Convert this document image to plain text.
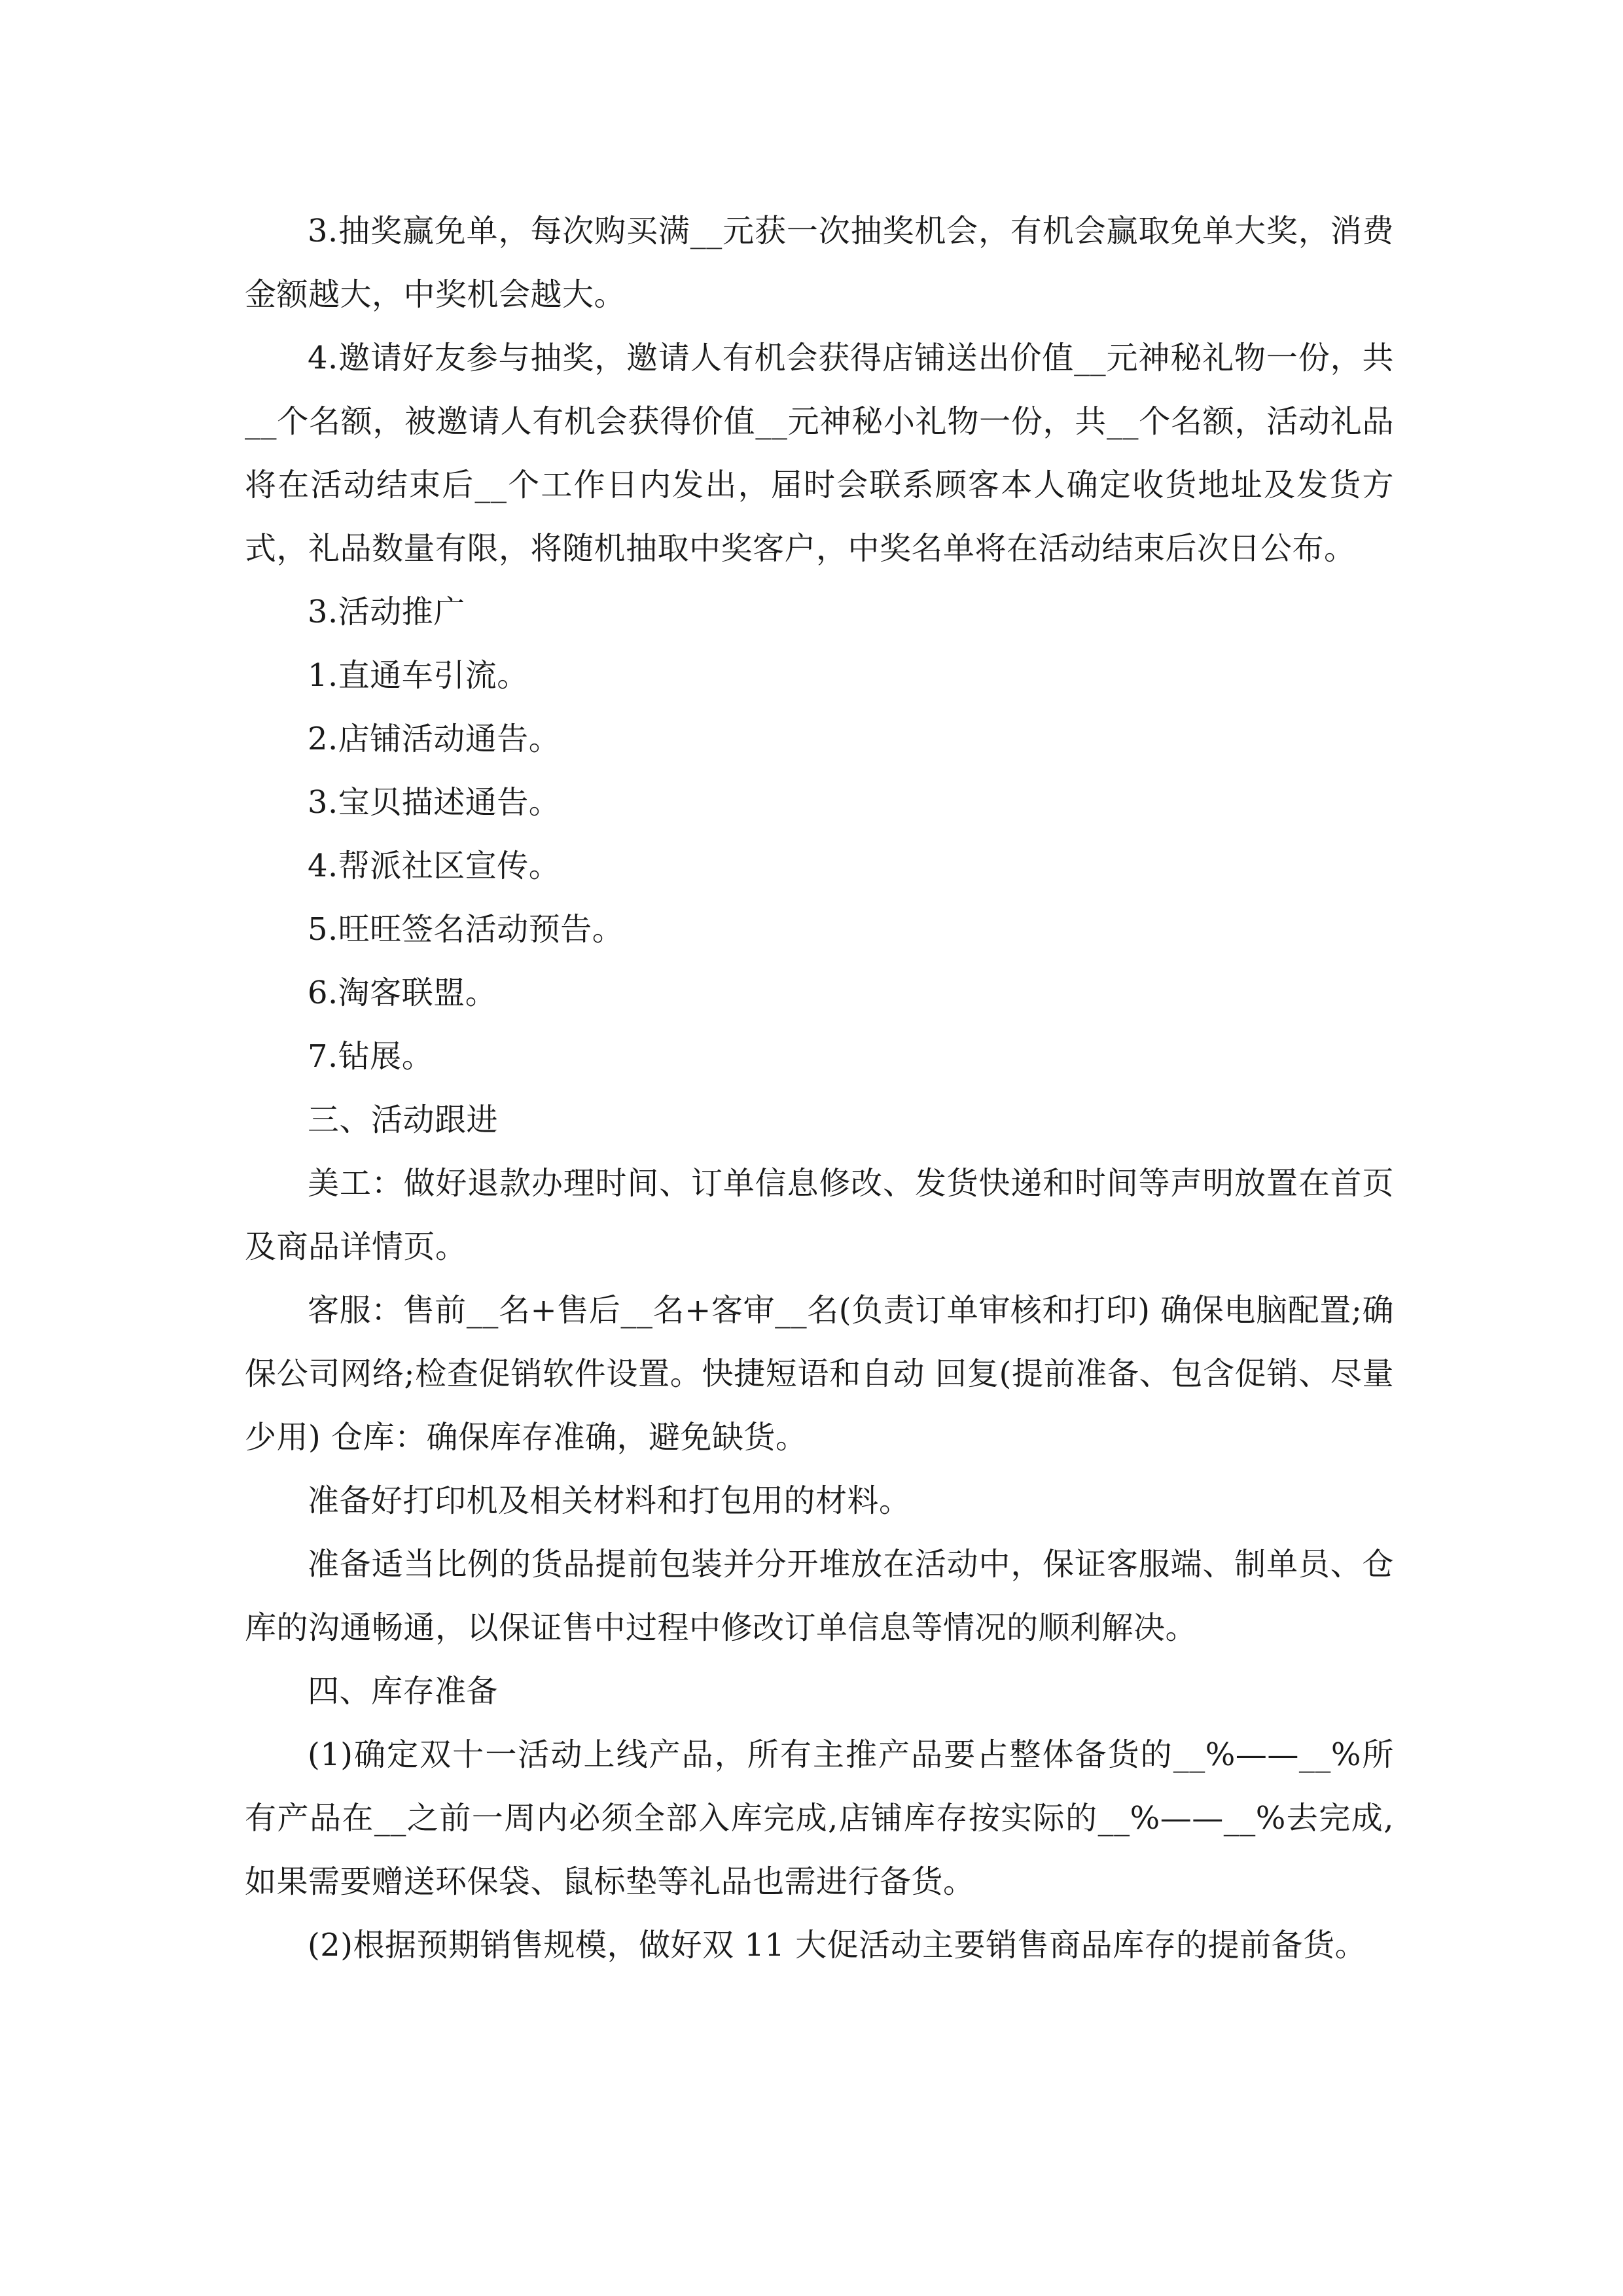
3.抽奖赢免单，每次购买满__元获一次抽奖机会，有机会赢取免单大奖，消费金额越大，中奖机会越大。

4.邀请好友参与抽奖，邀请人有机会获得店铺送出价值__元神秘礼物一份，共__个名额，被邀请人有机会获得价值__元神秘小礼物一份，共__个名额，活动礼品将在活动结束后__个工作日内发出，届时会联系顾客本人确定收货地址及发货方式，礼品数量有限，将随机抽取中奖客户，中奖名单将在活动结束后次日公布。

3.活动推广

1.直通车引流。

2.店铺活动通告。

3.宝贝描述通告。

4.帮派社区宣传。

5.旺旺签名活动预告。

6.淘客联盟。

7.钻展。

三、活动跟进

美工：做好退款办理时间、订单信息修改、发货快递和时间等声明放置在首页及商品详情页。

客服：售前__名+售后__名+客审__名(负责订单审核和打印) 确保电脑配置;确保公司网络;检查促销软件设置。快捷短语和自动 回复(提前准备、包含促销、尽量少用) 仓库：确保库存准确，避免缺货。

准备好打印机及相关材料和打包用的材料。

准备适当比例的货品提前包装并分开堆放在活动中，保证客服端、制单员、仓库的沟通畅通，以保证售中过程中修改订单信息等情况的顺利解决。

四、库存准备

(1)确定双十一活动上线产品，所有主推产品要占整体备货的__%——__%所有产品在__之前一周内必须全部入库完成,店铺库存按实际的__%——__%去完成,如果需要赠送环保袋、鼠标垫等礼品也需进行备货。

(2)根据预期销售规模，做好双 11 大促活动主要销售商品库存的提前备货。
